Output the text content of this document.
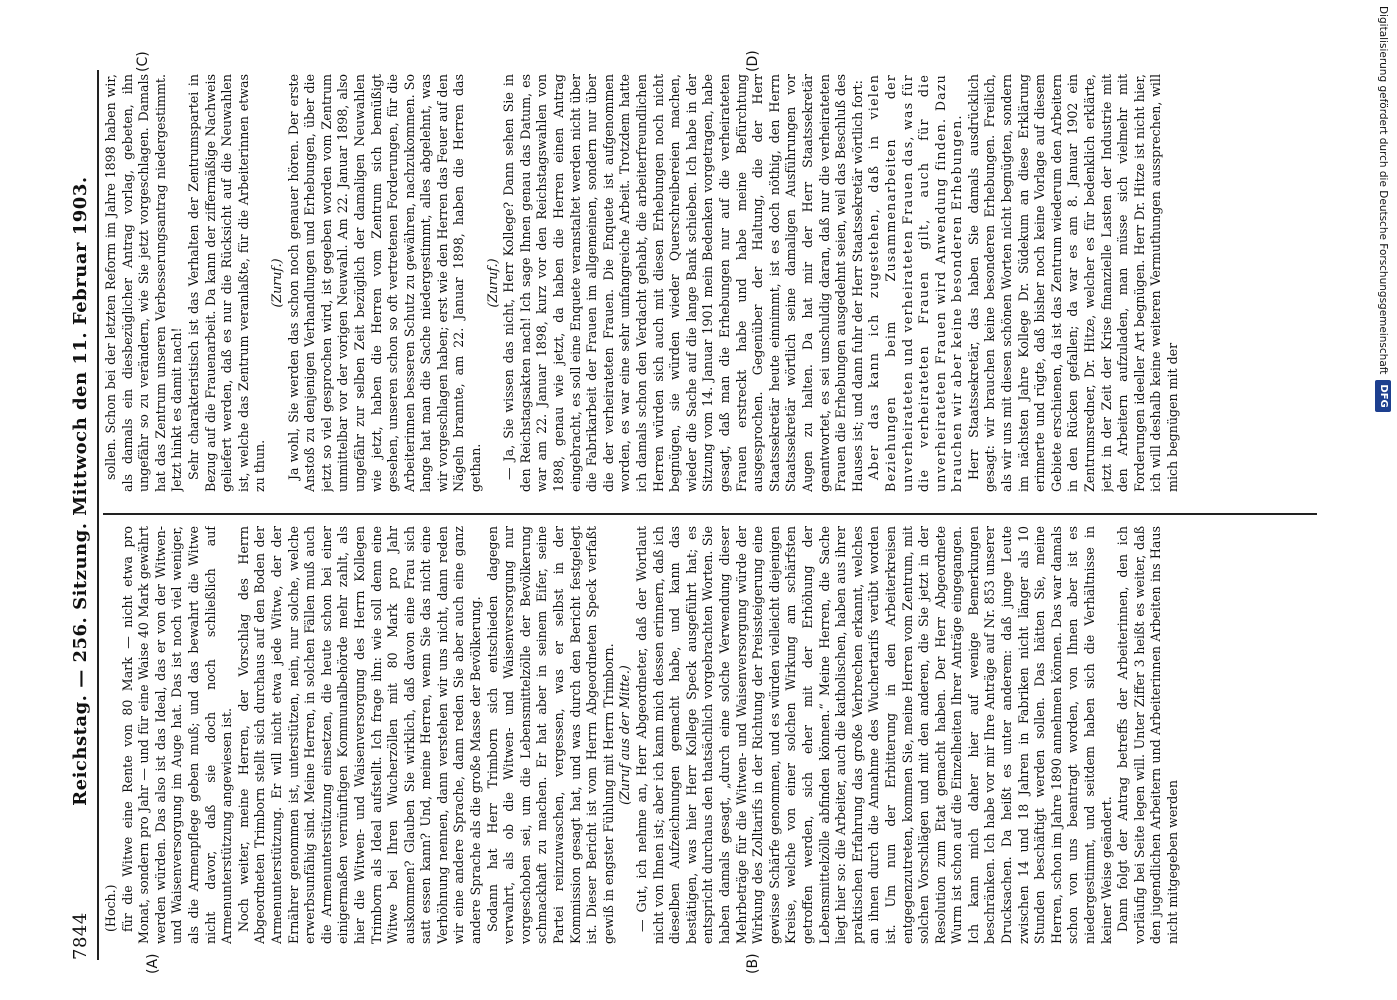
7844
Reichstag. — 256. Sitzung. Mittwoch den 11. Februar 1903.
(A)	(B)
(C)	(D)

(Hoch.) für die Witwe eine Rente von 80 Mark — nicht etwa pro Monat, sondern pro Jahr — und für eine Waise 40 Mark gewährt werden würden. Das also ist das Ideal, das er von der Witwen- und Waisenversorgung im Auge hat. Das ist noch viel weniger, als die Armenpflege geben muß; und das bewahrt die Witwe nicht davor, daß sie doch noch schließlich auf Armenunterstützung angewiesen ist. Noch weiter, meine Herren, der Vorschlag des Herrn Abgeordneten Trimborn stellt sich durchaus auf den Boden der Armenunterstützung. Er will nicht etwa jede Witwe, der der Ernährer genommen ist, unterstützen, nein, nur solche, welche erwerbsunfähig sind. Meine Herren, in solchen Fällen muß auch die Armenunterstützung einsetzen, die heute schon bei einer einigermaßen vernünftigen Kommunalbehörde mehr zahlt, als hier die Witwen- und Waisenversorgung des Herrn Kollegen Trimborn als Ideal aufstellt. Ich frage ihn: wie soll denn eine Witwe bei Ihren Wucherzöllen mit 80 Mark pro Jahr auskommen? Glauben Sie wirklich, daß davon eine Frau sich satt essen kann? Und, meine Herren, wenn Sie das nicht eine Verhöhnung nennen, dann verstehen wir uns nicht, dann reden wir eine andere Sprache, dann reden Sie aber auch eine ganz andere Sprache als die große Masse der Bevölkerung. Sodann hat Herr Trimborn sich entschieden dagegen verwahrt, als ob die Witwen- und Waisenversorgung nur vorgeschoben sei, um die Lebensmittelzölle der Bevölkerung schmackhaft zu machen. Er hat aber in seinem Eifer, seine Partei reinzuwaschen, vergessen, was er selbst in der Kommission gesagt hat, und was durch den Bericht festgelegt ist. Dieser Bericht ist vom Herrn Abgeordneten Speck verfaßt gewiß in engster Fühlung mit Herrn Trimborn. (Zuruf aus der Mitte.) — Gut, ich nehme an, Herr Abgeordneter, daß der Wortlaut nicht von Ihnen ist; aber ich kann mich dessen erinnern, daß ich dieselben Aufzeichnungen gemacht habe, und kann das bestätigen, was hier Herr Kollege Speck ausgeführt hat; es entspricht durchaus den thatsächlich vorgebrachten Worten. Sie haben damals gesagt, „durch eine solche Verwendung dieser Mehrbeträge für die Witwen- und Waisenversorgung würde der Wirkung des Zolltarifs in der Richtung der Preissteigerung eine gewisse Schärfe genommen, und es würden vielleicht diejenigen Kreise, welche von einer solchen Wirkung am schärfsten getroffen werden, sich eher mit der Erhöhung der Lebensmittelzölle abfinden können.“ Meine Herren, die Sache liegt hier so: die Arbeiter, auch die katholischen, haben aus ihrer praktischen Erfahrung das große Verbrechen erkannt, welches an ihnen durch die Annahme des Wuchertarifs verübt worden ist. Um nun der Erbitterung in den Arbeiterkreisen entgegenzutreten, kommen Sie, meine Herren vom Zentrum, mit solchen Vorschlägen und mit den anderen, die Sie jetzt in der Resolution zum Etat gemacht haben. Der Herr Abgeordnete Wurm ist schon auf die Einzelheiten Ihrer Anträge eingegangen. Ich kann mich daher hier auf wenige Bemerkungen beschränken. Ich habe vor mir Ihre Anträge auf Nr. 853 unserer Drucksachen. Da heißt es unter anderem: daß junge Leute zwischen 14 und 18 Jahren in Fabriken nicht länger als 10 Stunden beschäftigt werden sollen. Das hätten Sie, meine Herren, schon im Jahre 1890 annehmen können. Das war damals schon von uns beantragt worden, von Ihnen aber ist es niedergestimmt, und seitdem haben sich die Verhältnisse in keiner Weise geändert. Dann folgt der Antrag betreffs der Arbeiterinnen, den ich vorläufig bei Seite legen will. Unter Ziffer 3 heißt es weiter, daß den jugendlichen Arbeitern und Arbeiterinnen Arbeiten ins Haus nicht mitgegeben werden

sollen. Schon bei der letzten Reform im Jahre 1898 haben wir, als damals ein diesbezüglicher Antrag vorlag, gebeten, ihn ungefähr so zu verändern, wie Sie jetzt vorgeschlagen. Damals hat das Zentrum unseren Verbesserungsantrag niedergestimmt. Jetzt hinkt es damit nach! Sehr charakteristisch ist das Verhalten der Zentrumspartei in Bezug auf die Frauenarbeit. Da kann der ziffermäßige Nachweis geliefert werden, daß es nur die Rücksicht auf die Neuwahlen ist, welche das Zentrum veranlaßte, für die Arbeiterinnen etwas zu thun.

(Zuruf.) Ja wohl, Sie werden das schon noch genauer hören. Der erste Anstoß zu denjenigen Verhandlungen und Erhebungen, über die jetzt so viel gesprochen wird, ist gegeben worden vom Zentrum unmittelbar vor der vorigen Neuwahl. Am 22. Januar 1898, also ungefähr zur selben Zeit bezüglich der damaligen Neuwahlen wie jetzt, haben die Herren vom Zentrum sich bemüßigt gesehen, unseren schon so oft vertretenen Forderungen, für die Arbeiterinnen besseren Schutz zu gewähren, nachzukommen. So lange hat man die Sache niedergestimmt, alles abgelehnt, was wir vorgeschlagen haben; erst wie den Herren das Feuer auf den Nägeln brannte, am 22. Januar 1898, haben die Herren das gethan.

(Zuruf.) — Ja, Sie wissen das nicht, Herr Kollege? Dann sehen Sie in den Reichstagsakten nach! Ich sage Ihnen genau das Datum, es war am 22. Januar 1898, kurz vor den Reichstagswahlen von 1898, genau wie jetzt, da haben die Herren einen Antrag eingebracht, es soll eine Enquete veranstaltet werden nicht über die Fabrikarbeit der Frauen im allgemeinen, sondern nur über die der verheirateten Frauen. Die Enquete ist aufgenommen worden, es war eine sehr umfangreiche Arbeit. Trotzdem hatte ich damals schon den Verdacht gehabt, die arbeiterfreundlichen Herren würden sich auch mit diesen Erhebungen noch nicht begnügen, sie würden wieder Querschreibereien machen, wieder die Sache auf die lange Bank schieben. Ich habe in der Sitzung vom 14. Januar 1901 mein Bedenken vorgetragen, habe gesagt, daß man die Erhebungen nur auf die verheirateten Frauen erstreckt habe und habe meine Befürchtung ausgesprochen. Gegenüber der Haltung, die der Herr Staatssekretär heute einnimmt, ist es doch nöthig, den Herrn Staatssekretär wörtlich seine damaligen Ausführungen vor Augen zu halten. Da hat mir der Herr Staatssekretär geantwortet, es sei unschuldig daran, daß nur die verheirateten Frauen die Erhebungen ausgedehnt seien, weil das Beschluß des Hauses ist; und dann fuhr der Herr Staatssekretär wörtlich fort: Aber das kann ich zugestehen, daß in vielen Beziehungen beim Zusammenarbeiten der unverheirateten und verheirateten Frauen das, was für die verheirateten Frauen gilt, auch für die unverheirateten Frauen wird Anwendung finden. Dazu brauchen wir aber keine besonderen Erhebungen. Herr Staatssekretär, das haben Sie damals ausdrücklich gesagt: wir brauchen keine besonderen Erhebungen. Freilich, als wir uns mit diesen schönen Worten nicht begnügten, sondern im nächsten Jahre Kollege Dr. Südekum an diese Erklärung erinnerte und rügte, daß bisher noch keine Vorlage auf diesem Gebiete erschienen, da ist das Zentrum wiederum den Arbeitern in den Rücken gefallen; da war es am 8. Januar 1902 ein Zentrumsredner, Dr. Hitze, welcher es für bedenklich erklärte, jetzt in der Zeit der Krise finanzielle Lasten der Industrie mit den Arbeitern aufzuladen, man müsse sich vielmehr mit Forderungen ideeller Art begnügen. Herr Dr. Hitze ist nicht hier, ich will deshalb keine weiteren Vermuthungen aussprechen, will mich begnügen mit der

Digitalisierung gefördert durch die Deutsche Forschungsgemeinschaft
DFG
